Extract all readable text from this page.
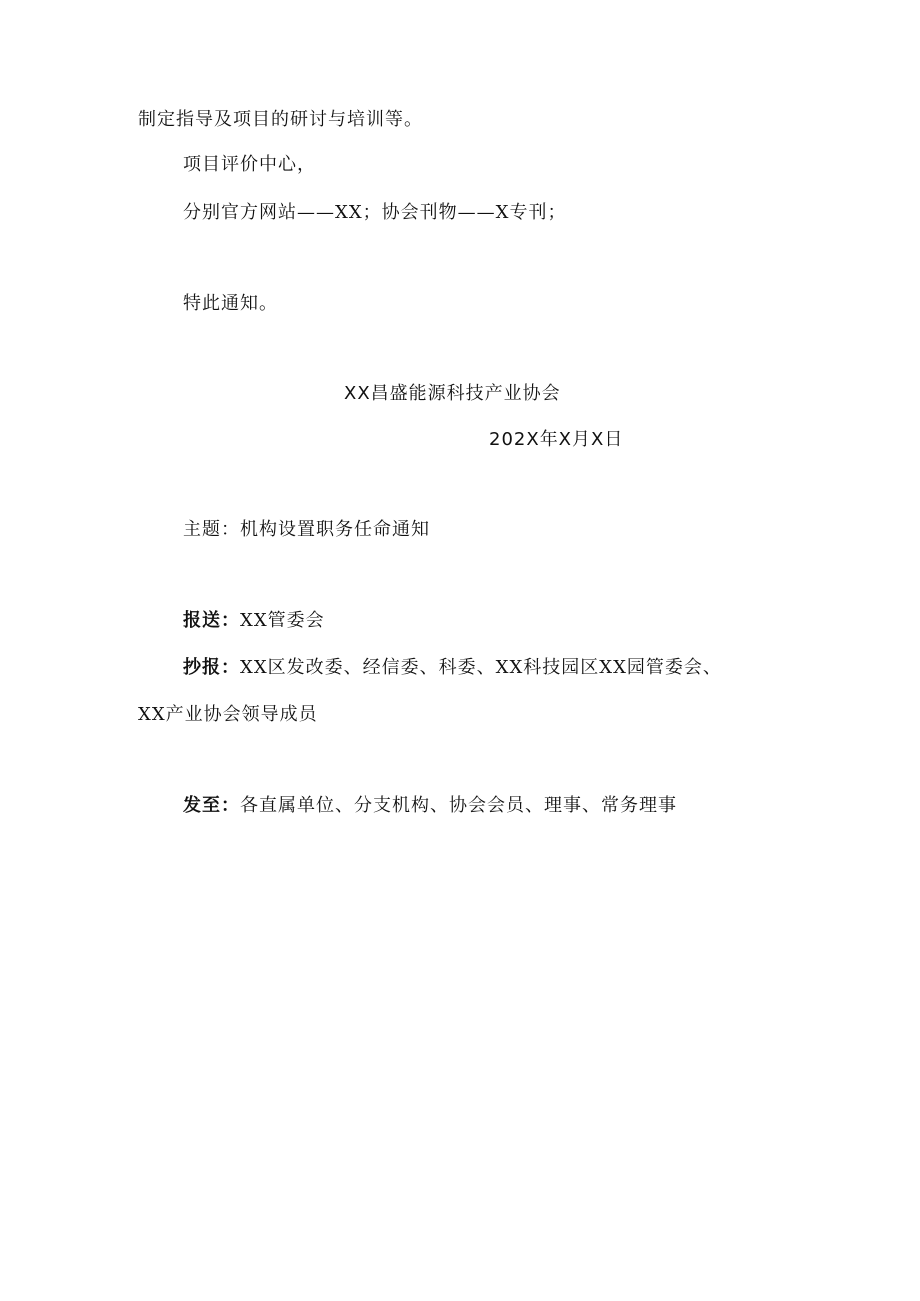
制定指导及项目的研讨与培训等。
项目评价中心，
分别官方网站——XX；协会刊物——X专刊；
特此通知。
XX昌盛能源科技产业协会
202X年X月X日
主题：机构设置职务任命通知
报送：XX管委会
抄报：XX区发改委、经信委、科委、XX科技园区XX园管委会、
XX产业协会领导成员
发至：各直属单位、分支机构、协会会员、理事、常务理事
